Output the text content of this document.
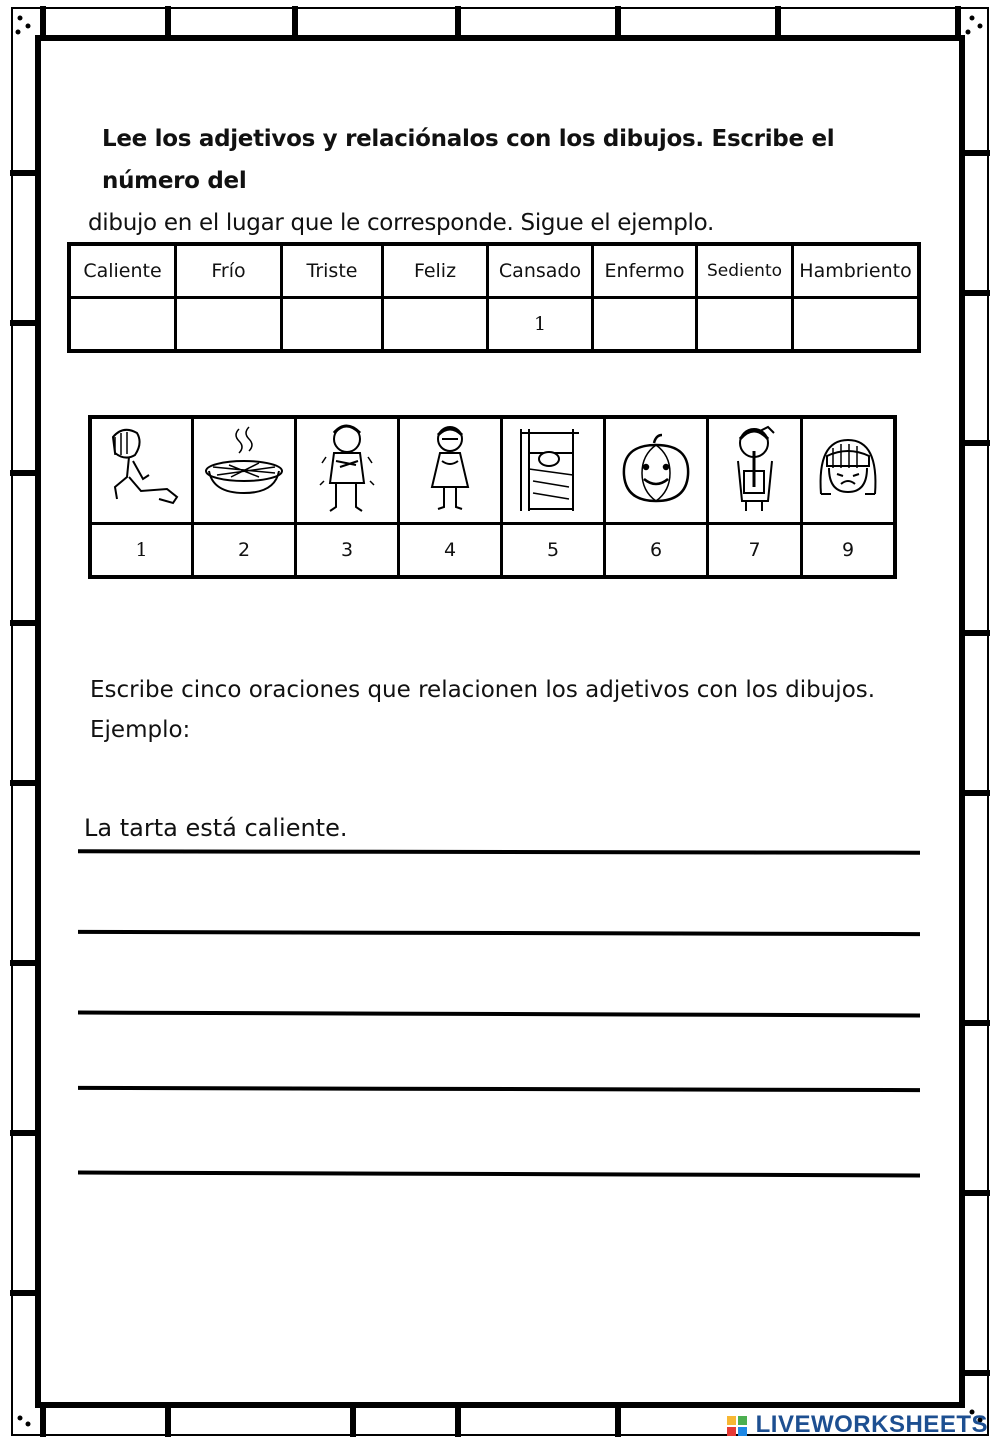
Lee los adjetivos y relaciónalos con los dibujos. Escribe el número del

dibujo en el lugar que le corresponde. Sigue el ejemplo.

Caliente	Frío	Triste	Feliz	Cansado	Enfermo	Sediento	Hambriento
				1			

1	2	3	4	5	6	7	9

Escribe cinco oraciones que relacionen los adjetivos con los dibujos.

Ejemplo:

La tarta está caliente.
LIVEWORKSHEETS
